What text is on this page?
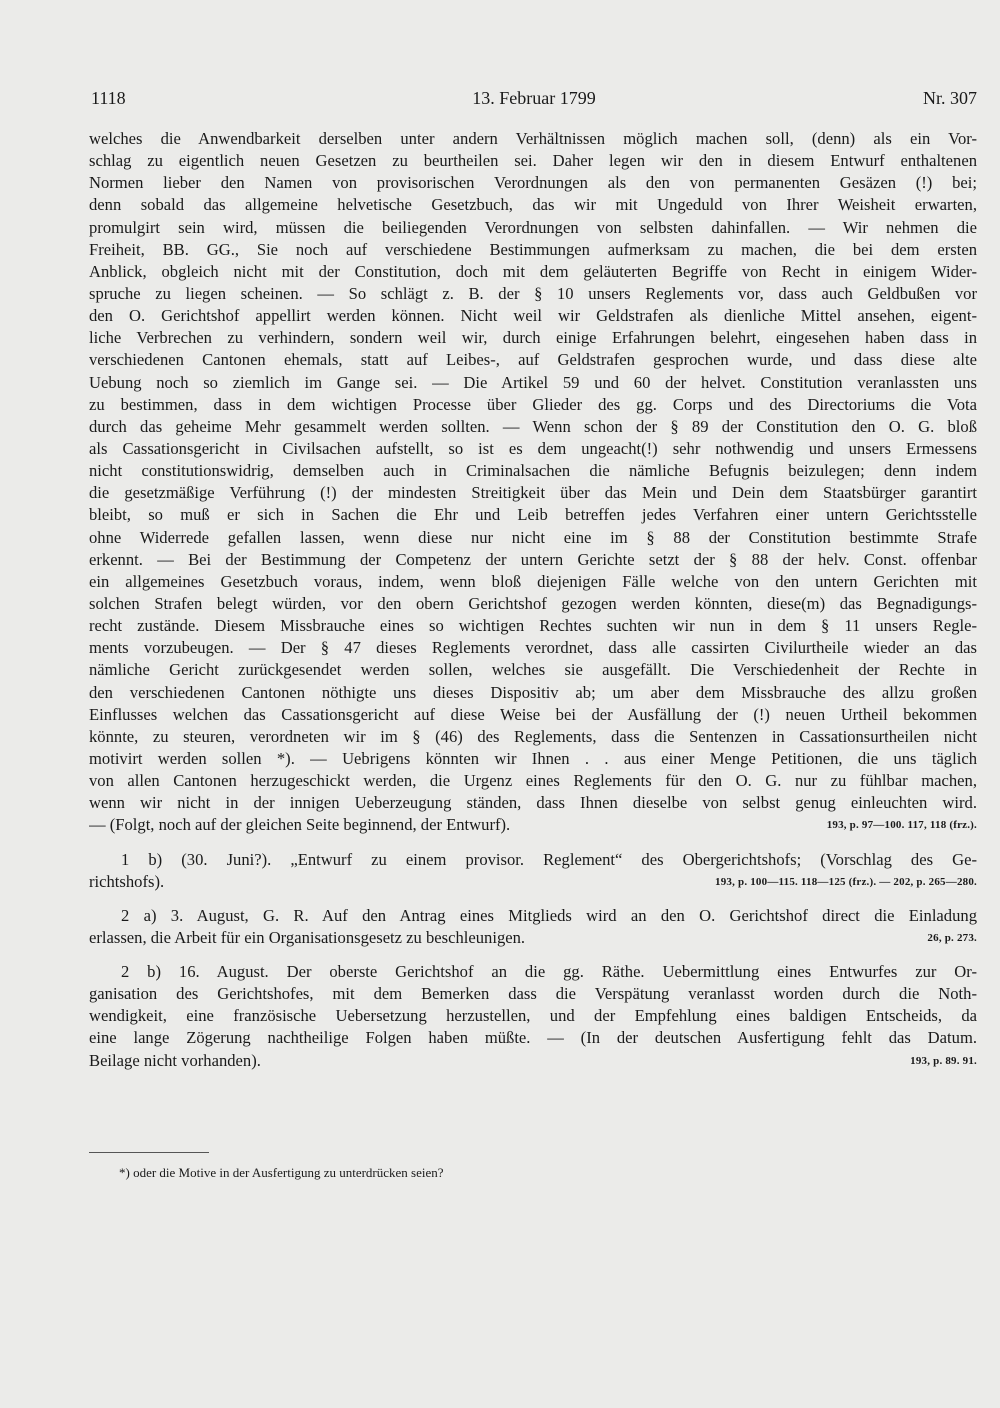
1118	13. Februar 1799	Nr. 307
welches die Anwendbarkeit derselben unter andern Verhältnissen möglich machen soll, (denn) als ein Vor-
schlag zu eigentlich neuen Gesetzen zu beurtheilen sei. Daher legen wir den in diesem Entwurf enthaltenen
Normen lieber den Namen von provisorischen Verordnungen als den von permanenten Gesäzen (!) bei;
denn sobald das allgemeine helvetische Gesetzbuch, das wir mit Ungeduld von Ihrer Weisheit erwarten,
promulgirt sein wird, müssen die beiliegenden Verordnungen von selbsten dahinfallen. — Wir nehmen die
Freiheit, BB. GG., Sie noch auf verschiedene Bestimmungen aufmerksam zu machen, die bei dem ersten
Anblick, obgleich nicht mit der Constitution, doch mit dem geläuterten Begriffe von Recht in einigem Wider-
spruche zu liegen scheinen. — So schlägt z. B. der § 10 unsers Reglements vor, dass auch Geldbußen vor
den O. Gerichtshof appellirt werden können. Nicht weil wir Geldstrafen als dienliche Mittel ansehen, eigent-
liche Verbrechen zu verhindern, sondern weil wir, durch einige Erfahrungen belehrt, eingesehen haben dass in
verschiedenen Cantonen ehemals, statt auf Leibes-, auf Geldstrafen gesprochen wurde, und dass diese alte
Uebung noch so ziemlich im Gange sei. — Die Artikel 59 und 60 der helvet. Constitution veranlassten uns
zu bestimmen, dass in dem wichtigen Processe über Glieder des gg. Corps und des Directoriums die Vota
durch das geheime Mehr gesammelt werden sollten. — Wenn schon der § 89 der Constitution den O. G. bloß
als Cassationsgericht in Civilsachen aufstellt, so ist es dem ungeacht(!) sehr nothwendig und unsers Ermessens
nicht constitutionswidrig, demselben auch in Criminalsachen die nämliche Befugnis beizulegen; denn indem
die gesetzmäßige Verführung (!) der mindesten Streitigkeit über das Mein und Dein dem Staatsbürger garantirt
bleibt, so muß er sich in Sachen die Ehr und Leib betreffen jedes Verfahren einer untern Gerichtsstelle
ohne Widerrede gefallen lassen, wenn diese nur nicht eine im § 88 der Constitution bestimmte Strafe
erkennt. — Bei der Bestimmung der Competenz der untern Gerichte setzt der § 88 der helv. Const. offenbar
ein allgemeines Gesetzbuch voraus, indem, wenn bloß diejenigen Fälle welche von den untern Gerichten mit
solchen Strafen belegt würden, vor den obern Gerichtshof gezogen werden könnten, diese(m) das Begnadigungs-
recht zustände. Diesem Missbrauche eines so wichtigen Rechtes suchten wir nun in dem § 11 unsers Regle-
ments vorzubeugen. — Der § 47 dieses Reglements verordnet, dass alle cassirten Civilurtheile wieder an das
nämliche Gericht zurückgesendet werden sollen, welches sie ausgefällt. Die Verschiedenheit der Rechte in
den verschiedenen Cantonen nöthigte uns dieses Dispositiv ab; um aber dem Missbrauche des allzu großen
Einflusses welchen das Cassationsgericht auf diese Weise bei der Ausfällung der (!) neuen Urtheil bekommen
könnte, zu steuren, verordneten wir im § (46) des Reglements, dass die Sentenzen in Cassationsurtheilen nicht
motivirt werden sollen *). — Uebrigens könnten wir Ihnen . . aus einer Menge Petitionen, die uns täglich
von allen Cantonen herzugeschickt werden, die Urgenz eines Reglements für den O. G. nur zu fühlbar machen,
wenn wir nicht in der innigen Ueberzeugung ständen, dass Ihnen dieselbe von selbst genug einleuchten wird.
193, p. 97—100. 117, 118 (frz.).
— (Folgt, noch auf der gleichen Seite beginnend, der Entwurf).
1 b) (30. Juni?). „Entwurf zu einem provisor. Reglement“ des Obergerichtshofs; (Vorschlag des Ge-
193, p. 100—115. 118—125 (frz.). — 202, p. 265—280.
richtshofs).
2 a) 3. August, G. R. Auf den Antrag eines Mitglieds wird an den O. Gerichtshof direct die Einladung
26, p. 273.
erlassen, die Arbeit für ein Organisationsgesetz zu beschleunigen.
2 b) 16. August. Der oberste Gerichtshof an die gg. Räthe. Uebermittlung eines Entwurfes zur Or-
ganisation des Gerichtshofes, mit dem Bemerken dass die Verspätung veranlasst worden durch die Noth-
wendigkeit, eine französische Uebersetzung herzustellen, und der Empfehlung eines baldigen Entscheids, da
eine lange Zögerung nachtheilige Folgen haben müßte. — (In der deutschen Ausfertigung fehlt das Datum.
193, p. 89. 91.
Beilage nicht vorhanden).
*) oder die Motive in der Ausfertigung zu unterdrücken seien?
